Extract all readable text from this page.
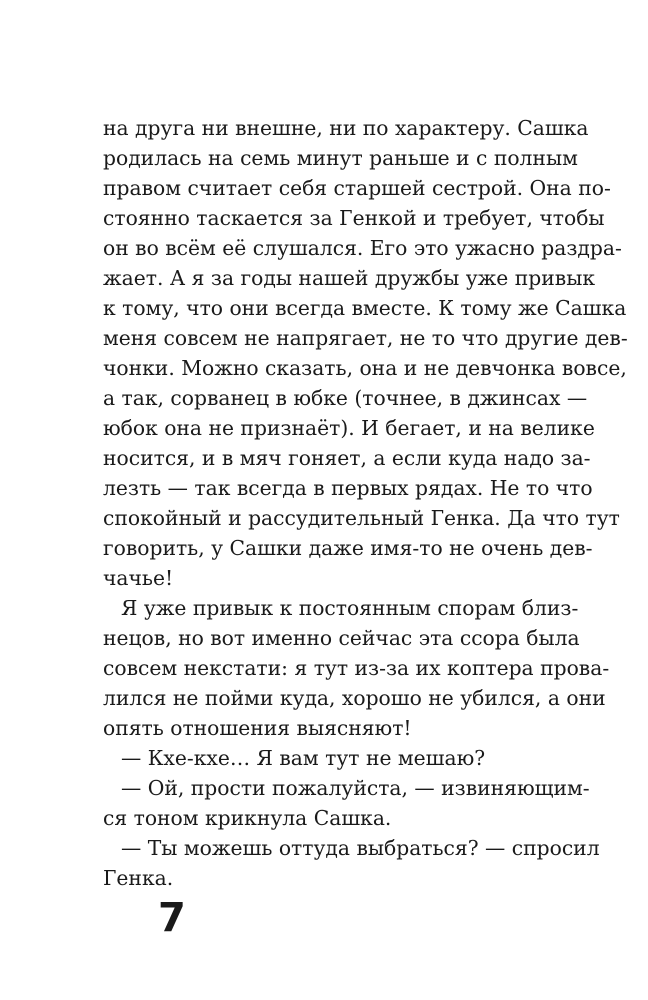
на друга ни внешне, ни по характеру. Сашка
родилась на семь минут раньше и с полным
правом считает себя старшей сестрой. Она по-
стоянно таскается за Генкой и требует, чтобы
он во всём её слушался. Его это ужасно раздра-
жает. А я за годы нашей дружбы уже привык
к тому, что они всегда вместе. К тому же Сашка
меня совсем не напрягает, не то что другие дев-
чонки. Можно сказать, она и не девчонка вовсе,
а так, сорванец в юбке (точнее, в джинсах —
юбок она не признаёт). И бегает, и на велике
носится, и в мяч гоняет, а если куда надо за-
лезть — так всегда в первых рядах. Не то что
спокойный и рассудительный Генка. Да что тут
говорить, у Сашки даже имя-то не очень дев-
чачье!
Я уже привык к постоянным спорам близ-
нецов, но вот именно сейчас эта ссора была
совсем некстати: я тут из-за их коптера прова-
лился не пойми куда, хорошо не убился, а они
опять отношения выясняют!
— Кхе-кхе… Я вам тут не мешаю?
— Ой, прости пожалуйста, — извиняющим-
ся тоном крикнула Сашка.
— Ты можешь оттуда выбраться? — спросил
Генка.
7
